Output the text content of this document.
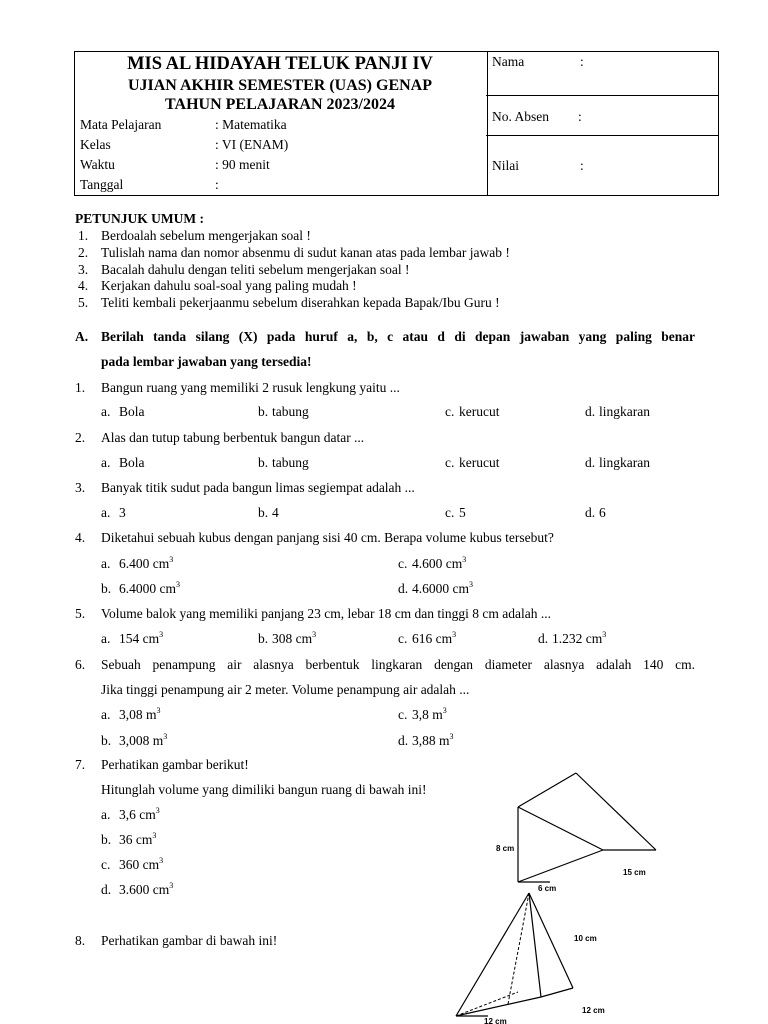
MIS AL HIDAYAH TELUK PANJI IV
UJIAN AKHIR SEMESTER (UAS) GENAP
TAHUN PELAJARAN 2023/2024
Mata Pelajaran	: Matematika
Kelas	: VI (ENAM)
Waktu	: 90 menit
Tanggal	:
Nama	:
No. Absen :
Nilai	:
PETUNJUK UMUM :
1. Berdoalah sebelum mengerjakan soal !
2. Tulislah nama dan nomor absenmu di sudut kanan atas pada lembar jawab !
3. Bacalah dahulu dengan teliti sebelum mengerjakan soal !
4. Kerjakan dahulu soal-soal yang paling mudah !
5. Teliti kembali pekerjaanmu sebelum diserahkan kepada Bapak/Ibu Guru !
A. Berilah tanda silang (X) pada huruf a, b, c atau d di depan jawaban yang paling benar
pada lembar jawaban yang tersedia!
1. Bangun ruang yang memiliki 2 rusuk lengkung yaitu ...
a. Bola	b. tabung	c. kerucut	d. lingkaran
2. Alas dan tutup tabung berbentuk bangun datar ...
a. Bola	b. tabung	c. kerucut	d. lingkaran
3. Banyak titik sudut pada bangun limas segiempat adalah ...
a. 3	b. 4	c. 5	d. 6
4. Diketahui sebuah kubus dengan panjang sisi 40 cm. Berapa volume kubus tersebut?
a. 6.400 $cm^3$	c. 4.600 $cm^3$
b. 6.4000 $cm^3$	d. 4.6000 $cm^3$
5. Volume balok yang memiliki panjang 23 cm, lebar 18 cm dan tinggi 8 cm adalah ...
a. 154 $cm^3$	b. 308 $cm^3$	c. 616 $cm^3$	d. 1.232 $cm^3$
6. Sebuah penampung air alasnya berbentuk lingkaran dengan diameter alasnya adalah 140 cm.
Jika tinggi penampung air 2 meter. Volume penampung air adalah ...
a. 3,08 $m^3$	c. 3,8 $m^3$
b. 3,008 $m^3$	d. 3,88 $m^3$
7. Perhatikan gambar berikut!
Hitunglah volume yang dimiliki bangun ruang di bawah ini!
a. 3,6 $cm^3$
b. 36 $cm^3$
c. 360 $cm^3$
d. 3.600 $cm^3$
8. Perhatikan gambar di bawah ini!
8 cm
15 cm
6 cm
10 cm
12 cm
12 cm
